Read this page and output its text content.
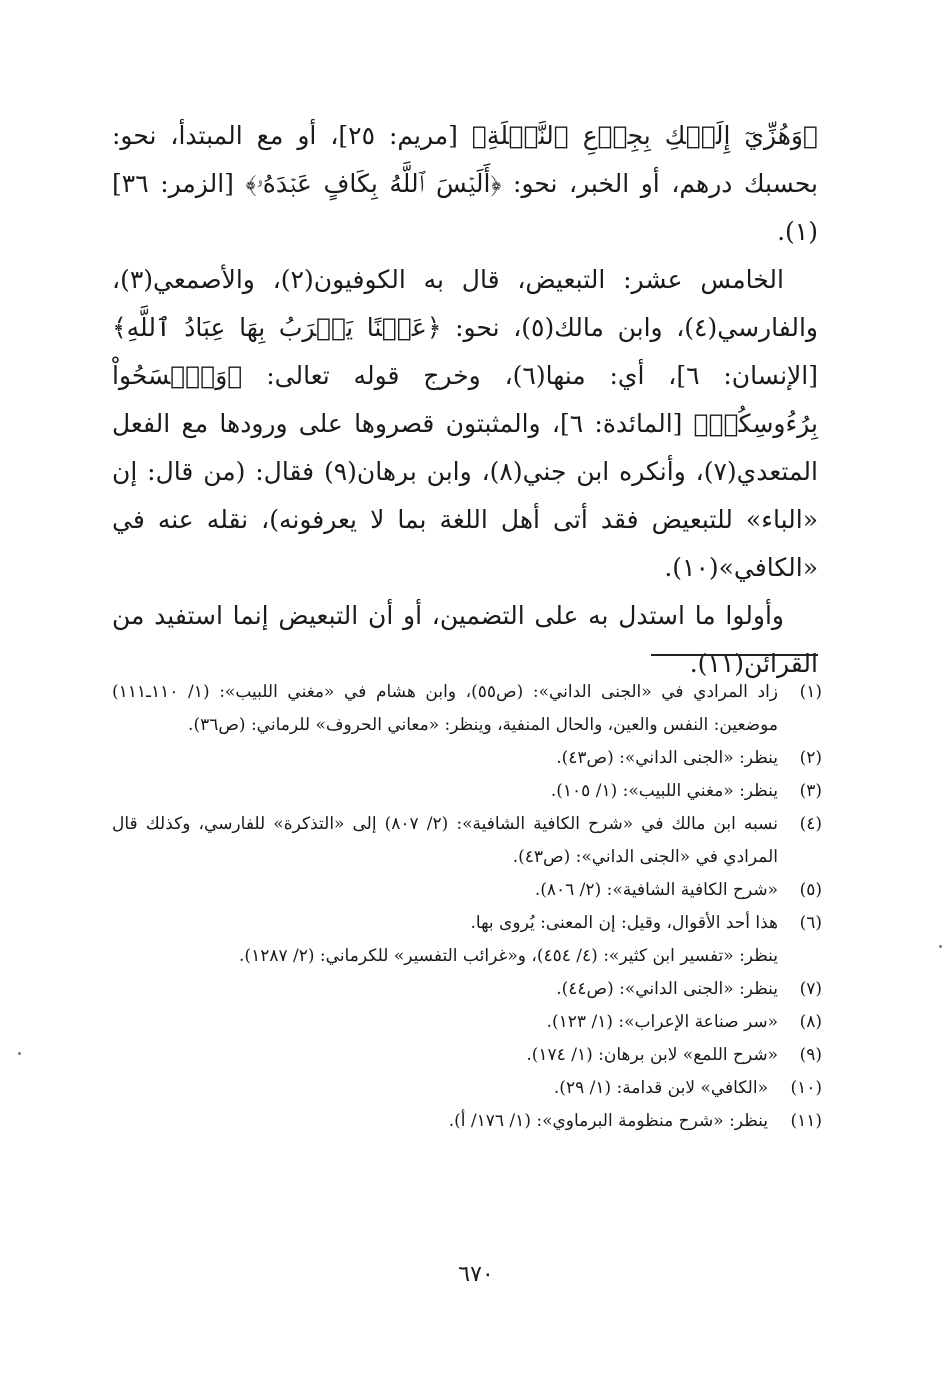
﴿وَهُزِّيٓ إِلَيۡكِ بِجِذۡعِ ٱلنَّخۡلَةِ﴾ [مريم: ٢٥]، أو مع المبتدأ، نحو: بحسبك درهم، أو الخبر، نحو: ﴿أَلَيۡسَ ٱللَّهُ بِكَافٍ عَبۡدَهُۥ﴾ [الزمر: ٣٦](١).

الخامس عشر: التبعيض، قال به الكوفيون(٢)، والأصمعي(٣)، والفارسي(٤)، وابن مالك(٥)، نحو: ﴿عَيۡنًا يَشۡرَبُ بِهَا عِبَادُ ٱللَّهِ﴾ [الإنسان: ٦]، أي: منها(٦)، وخرج قوله تعالى: ﴿وَٱمۡسَحُواْ بِرُءُوسِكُمۡ﴾ [المائدة: ٦]، والمثبتون قصروها على ورودها مع الفعل المتعدي(٧)، وأنكره ابن جني(٨)، وابن برهان(٩) فقال: (من قال: إن «الباء» للتبعيض فقد أتى أهل اللغة بما لا يعرفونه)، نقله عنه في «الكافي»(١٠).

وأولوا ما استدل به على التضمين، أو أن التبعيض إنما استفيد من القرائن(١١).

(١)
زاد المرادي في «الجنى الداني»: (ص٥٥)، وابن هشام في «مغني اللبيب»: (١/ ١١٠ـ١١١) موضعين: النفس والعين، والحال المنفية، وينظر: «معاني الحروف» للرماني: (ص٣٦).
(٢)
ينظر: «الجنى الداني»: (ص٤٣).
(٣)
ينظر: «مغني اللبيب»: (١/ ١٠٥).
(٤)
نسبه ابن مالك في «شرح الكافية الشافية»: (٢/ ٨٠٧) إلى «التذكرة» للفارسي، وكذلك قال المرادي في «الجنى الداني»: (ص٤٣).
(٥)
«شرح الكافية الشافية»: (٢/ ٨٠٦).
(٦)
هذا أحد الأقوال، وقيل: إن المعنى: يُروى بها.
ينظر: «تفسير ابن كثير»: (٤/ ٤٥٤)، و«غرائب التفسير» للكرماني: (٢/ ١٢٨٧).
(٧)
ينظر: «الجنى الداني»: (ص٤٤).
(٨)
«سر صناعة الإعراب»: (١/ ١٢٣).
(٩)
«شرح اللمع» لابن برهان: (١/ ١٧٤).
(١٠)
«الكافي» لابن قدامة: (١/ ٢٩).
(١١)
ينظر: «شرح منظومة البرماوي»: (١/ ١٧٦/ أ).
٦٧٠
